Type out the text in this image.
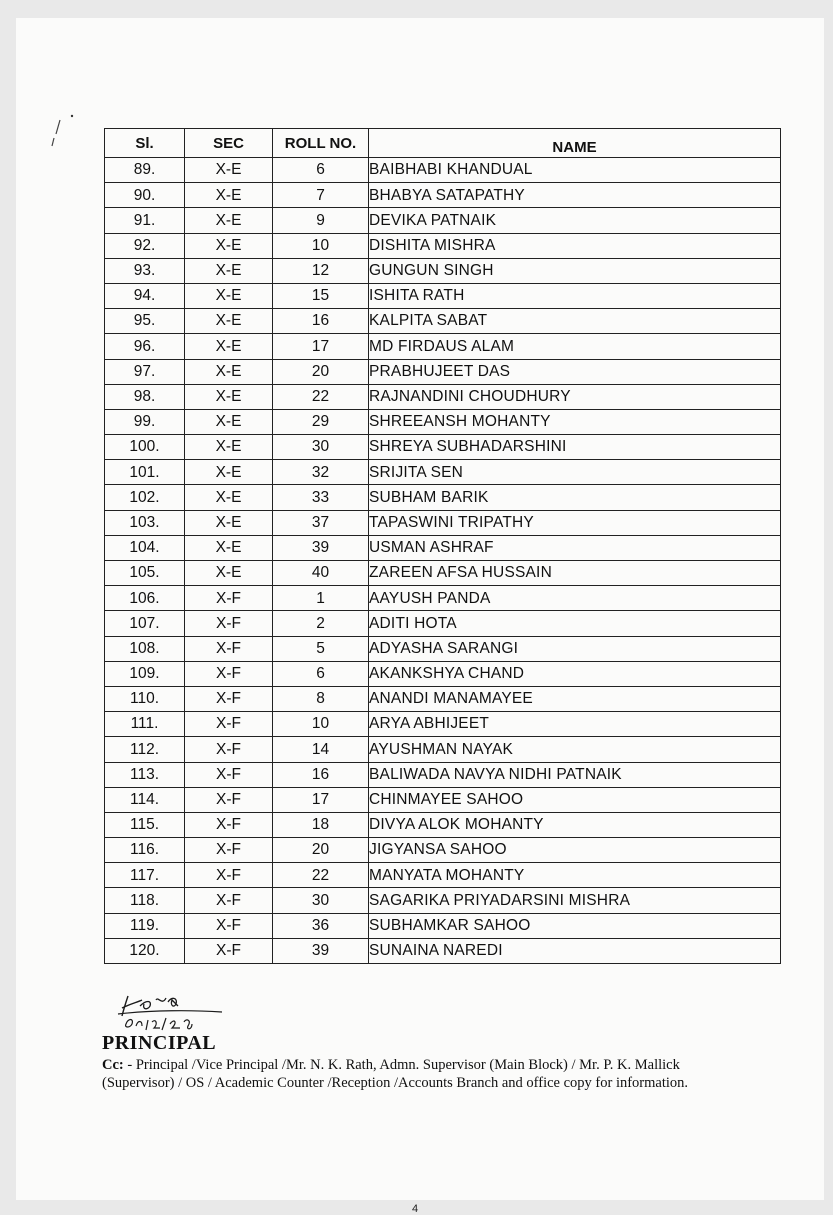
Sl.	SEC	ROLL NO.	NAME
89.	X-E	6	BAIBHABI KHANDUAL
90.	X-E	7	BHABYA SATAPATHY
91.	X-E	9	DEVIKA PATNAIK
92.	X-E	10	DISHITA MISHRA
93.	X-E	12	GUNGUN SINGH
94.	X-E	15	ISHITA RATH
95.	X-E	16	KALPITA SABAT
96.	X-E	17	MD FIRDAUS ALAM
97.	X-E	20	PRABHUJEET DAS
98.	X-E	22	RAJNANDINI CHOUDHURY
99.	X-E	29	SHREEANSH MOHANTY
100.	X-E	30	SHREYA SUBHADARSHINI
101.	X-E	32	SRIJITA SEN
102.	X-E	33	SUBHAM BARIK
103.	X-E	37	TAPASWINI TRIPATHY
104.	X-E	39	USMAN ASHRAF
105.	X-E	40	ZAREEN AFSA HUSSAIN
106.	X-F	1	AAYUSH PANDA
107.	X-F	2	ADITI HOTA
108.	X-F	5	ADYASHA SARANGI
109.	X-F	6	AKANKSHYA CHAND
110.	X-F	8	ANANDI MANAMAYEE
111.	X-F	10	ARYA ABHIJEET
112.	X-F	14	AYUSHMAN NAYAK
113.	X-F	16	BALIWADA NAVYA NIDHI PATNAIK
114.	X-F	17	CHINMAYEE SAHOO
115.	X-F	18	DIVYA ALOK MOHANTY
116.	X-F	20	JIGYANSA SAHOO
117.	X-F	22	MANYATA MOHANTY
118.	X-F	30	SAGARIKA PRIYADARSINI MISHRA
119.	X-F	36	SUBHAMKAR SAHOO
120.	X-F	39	SUNAINA NAREDI
PRINCIPAL
Cc: - Principal /Vice Principal /Mr. N. K. Rath, Admn. Supervisor (Main Block) / Mr. P. K. Mallick
(Supervisor) / OS / Academic Counter /Reception /Accounts Branch and office copy for information.
4
